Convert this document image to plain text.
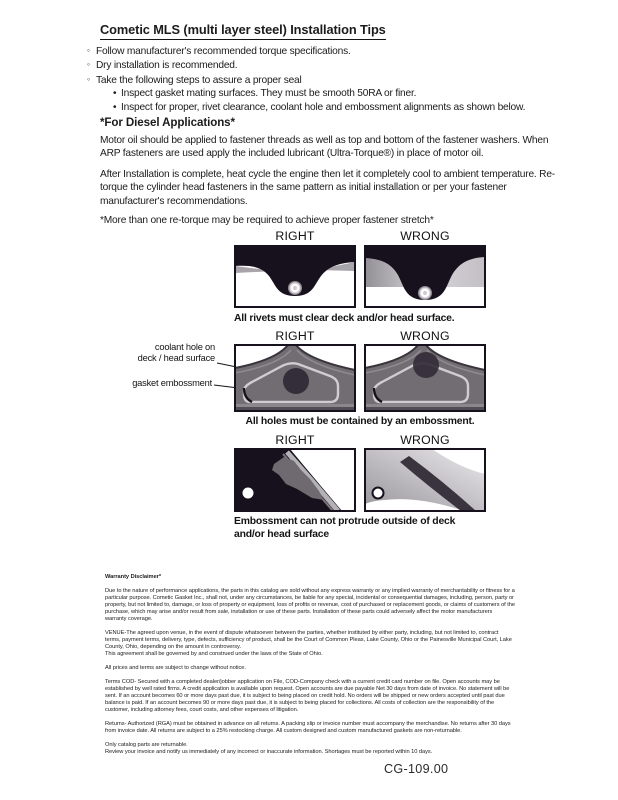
Cometic MLS (multi layer steel) Installation Tips
◦ Follow manufacturer's recommended torque specifications.
◦ Dry installation is recommended.
◦ Take the following steps to assure a proper seal
• Inspect gasket mating surfaces. They must be smooth 50RA or finer.
• Inspect for proper, rivet clearance, coolant hole and embossment alignments as shown below.
*For Diesel Applications*
Motor oil should be applied to fastener threads as well as top and bottom of the fastener washers. When ARP fasteners are used apply the included lubricant (Ultra-Torque®) in place of motor oil.
After Installation is complete, heat cycle the engine then let it completely cool to ambient temperature. Re-torque the cylinder head fasteners in the same pattern as initial installation or per your fastener manufacturer's recommendations.
*More than one re-torque may be required to achieve proper fastener stretch*
RIGHT	WRONG
All rivets must clear deck and/or head surface.
RIGHT	WRONG
coolant hole on
deck / head surface
gasket embossment
All holes must be contained by an embossment.
RIGHT	WRONG
Embossment can not protrude outside of deck
and/or head surface

Warranty Disclaimer*

Due to the nature of performance applications, the parts in this catalog are sold without any express warranty or any implied warranty of merchantability or fitness for a particular purpose. Cometic Gasket Inc., shall not, under any circumstances, be liable for any special, incidental or consequential damages, including, person, party or property, but not limited to, damage, or loss of property or equipment, loss of profits or revenue, cost of purchased or replacement goods, or claims of customers of the purchase, which may arise and/or result from sale, installation or use of these parts. Installation of these parts could adversely affect the motor manufacturers warranty coverage.

VENUE-The agreed upon venue, in the event of dispute whatsoever between the parties, whether instituted by either party, including, but not limited to, contract terms, payment terms, delivery, type, defects, sufficiency of product, shall be the Court of Common Pleas, Lake County, Ohio or the Painesville Municipal Court, Lake County, Ohio, depending on the amount in controversy.

This agreement shall be governed by and construed under the laws of the State of Ohio.

All prices and terms are subject to change without notice.

Terms COD- Secured with a completed dealer/jobber application on File, COD-Company check with a current credit card number on file. Open accounts may be established by well rated firms. A credit application is available upon request. Open accounts are due payable Net 30 days from date of invoice. No statement will be sent. If an account becomes 60 or more days past due, it is subject to being placed on credit hold. No orders will be shipped or new orders accepted until past due balance is paid. If an account becomes 90 or more days past due, it is subject to being placed for collections. All costs of collection are the responsibility of the customer, including attorney fees, court costs, and other expenses of litigation.

Returns- Authorized (RGA) must be obtained in advance on all returns. A packing slip or invoice number must accompany the merchandise. No returns after 30 days from invoice date. All returns are subject to a 25% restocking charge. All custom designed and custom manufactured gaskets are non-returnable.

Only catalog parts are returnable.

Review your invoice and notify us immediately of any incorrect or inaccurate information. Shortages must be reported within 10 days.

CG-109.00
